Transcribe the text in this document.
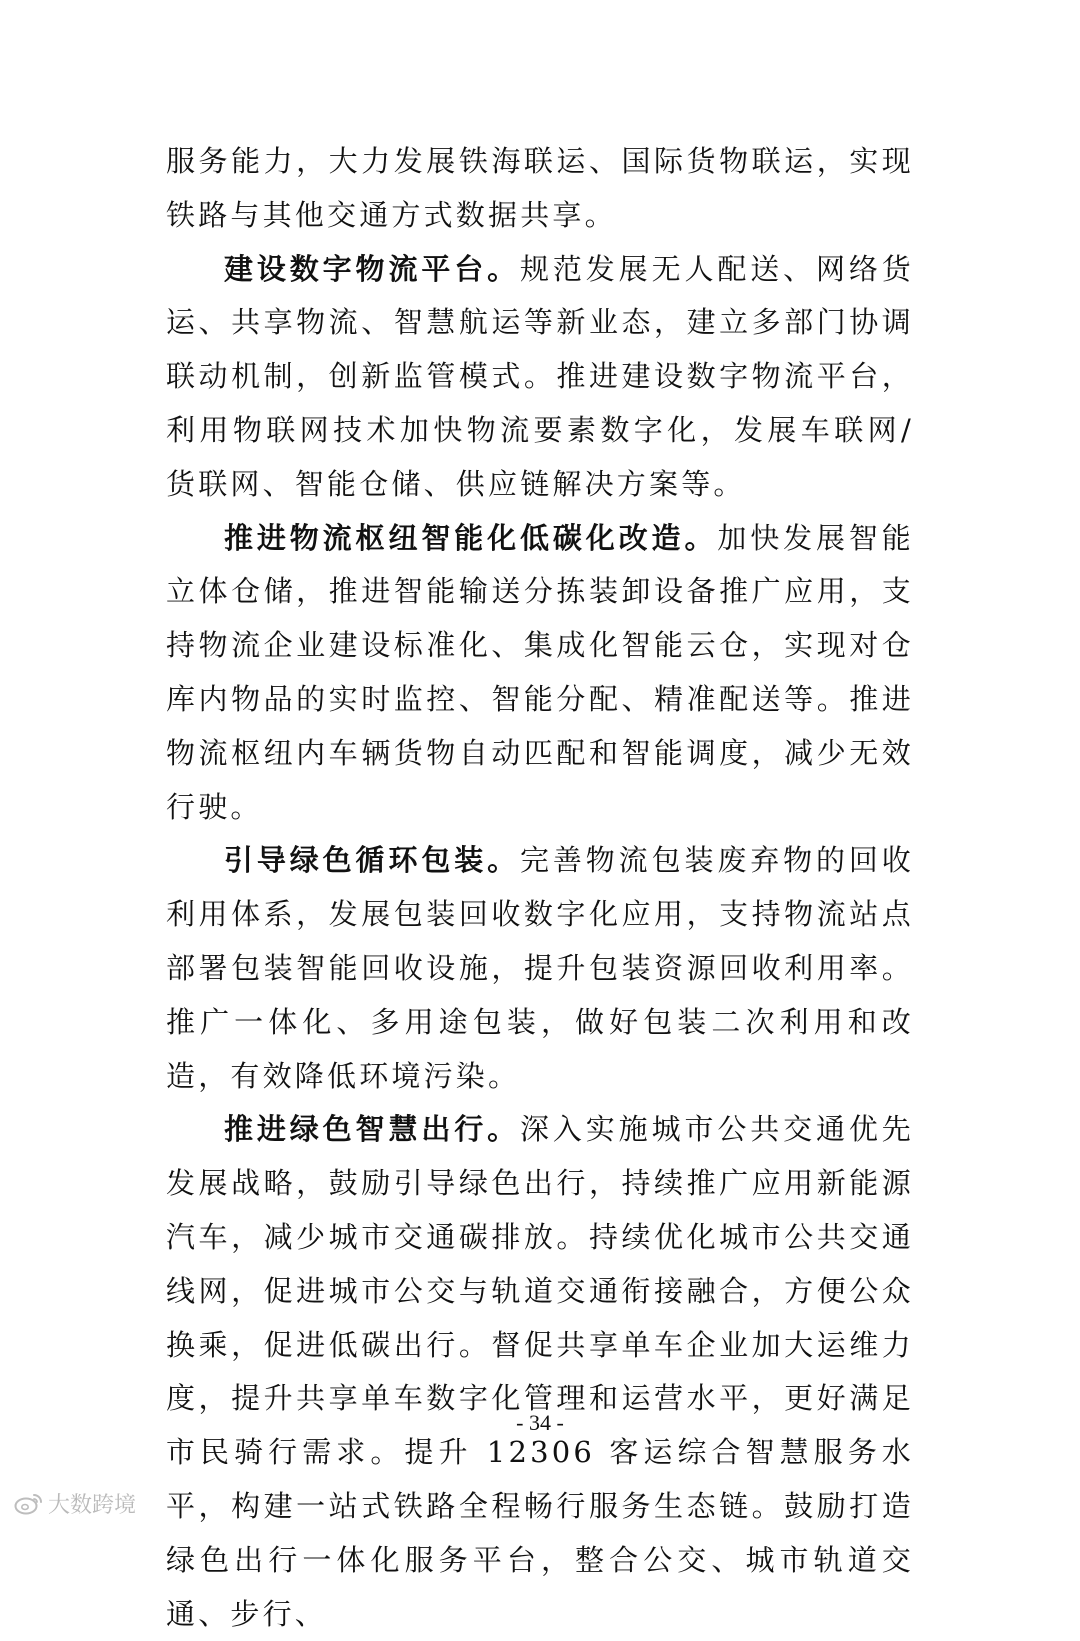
服务能力，大力发展铁海联运、国际货物联运，实现铁路与其他交通方式数据共享。

建设数字物流平台。规范发展无人配送、网络货运、共享物流、智慧航运等新业态，建立多部门协调联动机制，创新监管模式。推进建设数字物流平台，利用物联网技术加快物流要素数字化，发展车联网/货联网、智能仓储、供应链解决方案等。

推进物流枢纽智能化低碳化改造。加快发展智能立体仓储，推进智能输送分拣装卸设备推广应用，支持物流企业建设标准化、集成化智能云仓，实现对仓库内物品的实时监控、智能分配、精准配送等。推进物流枢纽内车辆货物自动匹配和智能调度，减少无效行驶。

引导绿色循环包装。完善物流包装废弃物的回收利用体系，发展包装回收数字化应用，支持物流站点部署包装智能回收设施，提升包装资源回收利用率。推广一体化、多用途包装，做好包装二次利用和改造，有效降低环境污染。

推进绿色智慧出行。深入实施城市公共交通优先发展战略，鼓励引导绿色出行，持续推广应用新能源汽车，减少城市交通碳排放。持续优化城市公共交通线网，促进城市公交与轨道交通衔接融合，方便公众换乘，促进低碳出行。督促共享单车企业加大运维力度，提升共享单车数字化管理和运营水平，更好满足市民骑行需求。提升 12306 客运综合智慧服务水平，构建一站式铁路全程畅行服务生态链。鼓励打造绿色出行一体化服务平台，整合公交、城市轨道交通、步行、

- 34 -
大数跨境
